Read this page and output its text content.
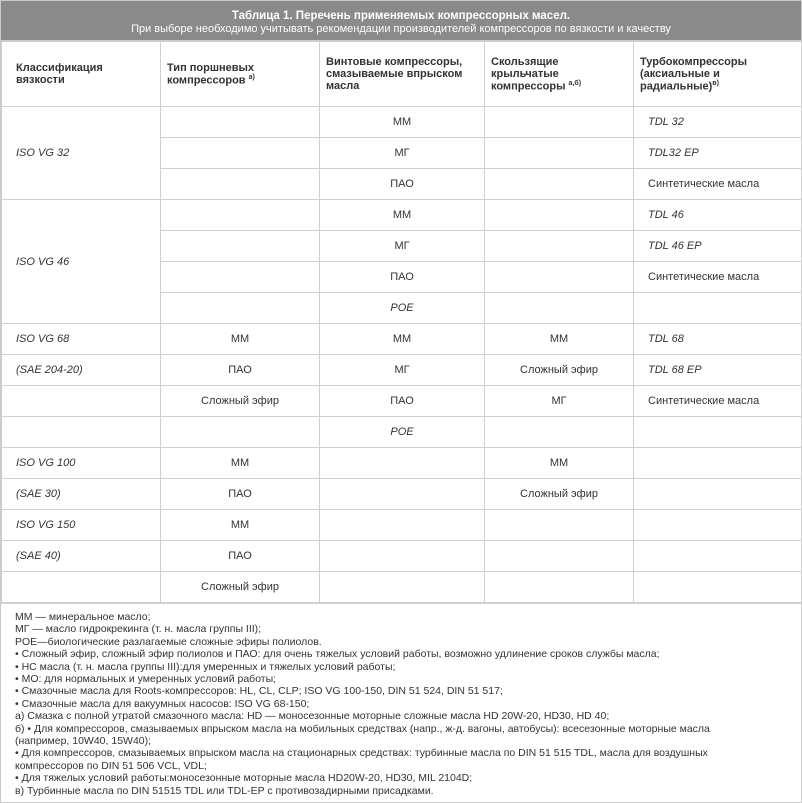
Таблица 1. Перечень применяемых компрессорных масел.
При выборе необходимо учитывать рекомендации производителей компрессоров по вязкости и качеству
Классификация вязкости	Тип поршневых компрессоров $^{а)}$	Винтовые компрессоры, смазываемые впрыском масла	Скользящие крыльчатые компрессоры $^{а,б)}$	Турбокомпрессоры (аксиальные и радиальные)$^{в)}$
ISO VG 32		ММ		TDL 32
		МГ		TDL32 EP
		ПАО		Синтетические масла
ISO VG 46		ММ		TDL 46
		МГ		TDL 46 EP
		ПАО		Синтетические масла
		POE		
ISO VG 68	ММ	ММ	ММ	TDL 68
(SAE 204-20)	ПАО	МГ	Сложный эфир	TDL 68 EP
	Сложный эфир	ПАО	МГ	Синтетические масла
		POE		
ISO VG 100	ММ		ММ	
(SAE 30)	ПАО		Сложный эфир	
ISO VG 150	ММ			
(SAE 40)	ПАО			
	Сложный эфир			
ММ — минеральное масло;
МГ — масло гидрокрекинга (т. н. масла группы III);
POE—биологические разлагаемые сложные эфиры полиолов.
• Сложный эфир, сложный эфир полиолов и ПАО: для очень тяжелых условий работы, возможно удлинение сроков службы масла;
• НС масла (т. н. масла группы III):для умеренных и тяжелых условий работы;
• МО: для нормальных и умеренных условий работы;
• Смазочные масла для Roots-компрессоров: HL, CL, CLP; ISO VG 100-150, DIN 51 524, DIN 51 517;
• Смазочные масла для вакуумных насосов: ISO VG 68-150;
а) Смазка с полной утратой смазочного масла: HD — моносезонные моторные сложные масла HD 20W-20, HD30, HD 40;
б) • Для компрессоров, смазываемых впрыском масла на мобильных средствах (напр., ж-д. вагоны, автобусы): всесезонные моторные масла
(например, 10W40, 15W40);
• Для компрессоров, смазываемых впрыском масла на стационарных средствах: турбинные масла по DIN 51 515 TDL, масла для воздушных
компрессоров по DIN 51 506 VCL, VDL;
• Для тяжелых условий работы:моносезонные моторные масла HD20W-20, HD30, MIL 2104D;
в) Турбинные масла по DIN 51515 TDL или TDL-EP с противозадирными присадками.
